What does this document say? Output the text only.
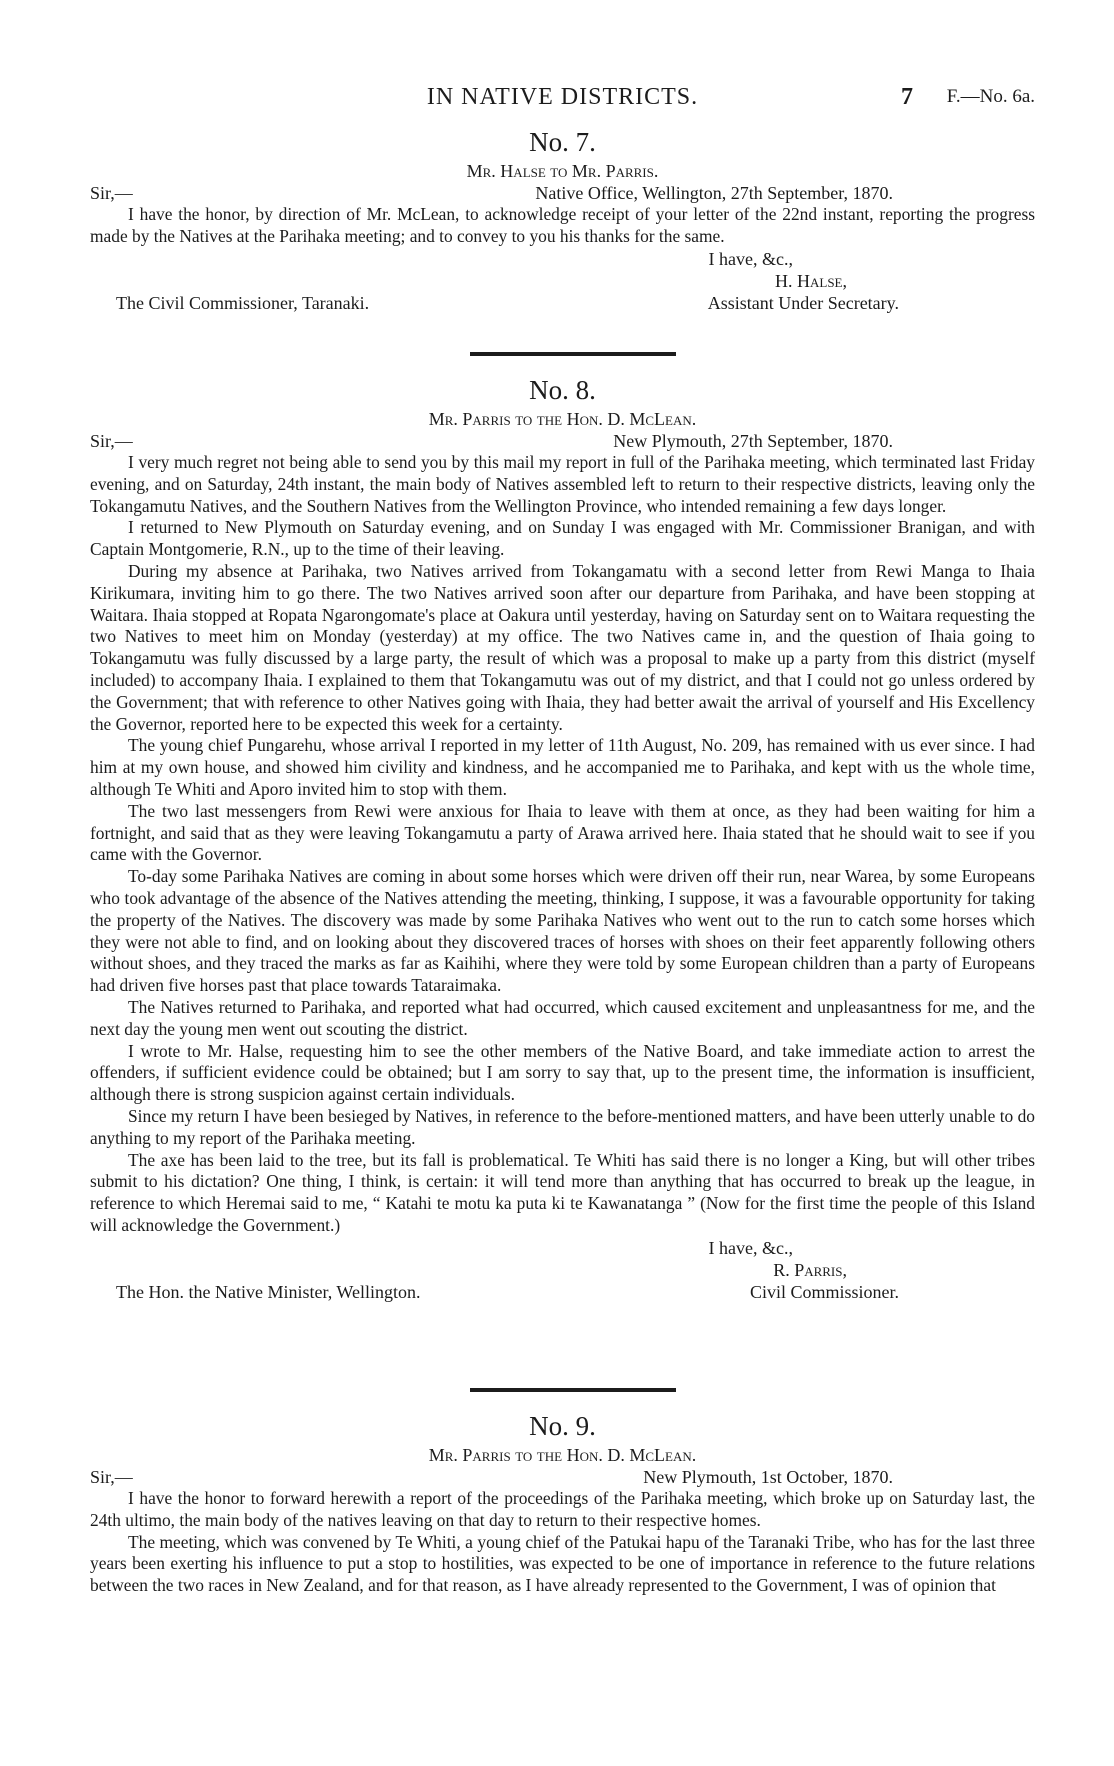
IN NATIVE DISTRICTS.	7 F.—No. 6a.
No. 7.
Mr. Halse to Mr. Parris.
Sir,—	Native Office, Wellington, 27th September, 1870.

I have the honor, by direction of Mr. McLean, to acknowledge receipt of your letter of the 22nd instant, reporting the progress made by the Natives at the Parihaka meeting; and to convey to you his thanks for the same.

I have, &c.,
H. Halse,
The Civil Commissioner, Taranaki.	Assistant Under Secretary.
No. 8.
Mr. Parris to the Hon. D. McLean.
Sir,—	New Plymouth, 27th September, 1870.

I very much regret not being able to send you by this mail my report in full of the Parihaka meeting, which terminated last Friday evening, and on Saturday, 24th instant, the main body of Natives assembled left to return to their respective districts, leaving only the Tokangamutu Natives, and the Southern Natives from the Wellington Province, who intended remaining a few days longer.

I returned to New Plymouth on Saturday evening, and on Sunday I was engaged with Mr. Commissioner Branigan, and with Captain Montgomerie, R.N., up to the time of their leaving.

During my absence at Parihaka, two Natives arrived from Tokangamatu with a second letter from Rewi Manga to Ihaia Kirikumara, inviting him to go there. The two Natives arrived soon after our departure from Parihaka, and have been stopping at Waitara. Ihaia stopped at Ropata Ngarongomate's place at Oakura until yesterday, having on Saturday sent on to Waitara requesting the two Natives to meet him on Monday (yesterday) at my office. The two Natives came in, and the question of Ihaia going to Tokangamutu was fully discussed by a large party, the result of which was a proposal to make up a party from this district (myself included) to accompany Ihaia. I explained to them that Tokangamutu was out of my district, and that I could not go unless ordered by the Government; that with reference to other Natives going with Ihaia, they had better await the arrival of yourself and His Excellency the Governor, reported here to be expected this week for a certainty.

The young chief Pungarehu, whose arrival I reported in my letter of 11th August, No. 209, has remained with us ever since. I had him at my own house, and showed him civility and kindness, and he accompanied me to Parihaka, and kept with us the whole time, although Te Whiti and Aporo invited him to stop with them.

The two last messengers from Rewi were anxious for Ihaia to leave with them at once, as they had been waiting for him a fortnight, and said that as they were leaving Tokangamutu a party of Arawa arrived here. Ihaia stated that he should wait to see if you came with the Governor.

To-day some Parihaka Natives are coming in about some horses which were driven off their run, near Warea, by some Europeans who took advantage of the absence of the Natives attending the meeting, thinking, I suppose, it was a favourable opportunity for taking the property of the Natives. The discovery was made by some Parihaka Natives who went out to the run to catch some horses which they were not able to find, and on looking about they discovered traces of horses with shoes on their feet apparently following others without shoes, and they traced the marks as far as Kaihihi, where they were told by some European children than a party of Europeans had driven five horses past that place towards Tataraimaka.

The Natives returned to Parihaka, and reported what had occurred, which caused excitement and unpleasantness for me, and the next day the young men went out scouting the district.

I wrote to Mr. Halse, requesting him to see the other members of the Native Board, and take immediate action to arrest the offenders, if sufficient evidence could be obtained; but I am sorry to say that, up to the present time, the information is insufficient, although there is strong suspicion against certain individuals.

Since my return I have been besieged by Natives, in reference to the before-mentioned matters, and have been utterly unable to do anything to my report of the Parihaka meeting.

The axe has been laid to the tree, but its fall is problematical. Te Whiti has said there is no longer a King, but will other tribes submit to his dictation? One thing, I think, is certain: it will tend more than anything that has occurred to break up the league, in reference to which Heremai said to me, “ Katahi te motu ka puta ki te Kawanatanga ” (Now for the first time the people of this Island will acknowledge the Government.)

I have, &c.,
R. Parris,
The Hon. the Native Minister, Wellington.	Civil Commissioner.
No. 9.
Mr. Parris to the Hon. D. McLean.
Sir,—	New Plymouth, 1st October, 1870.

I have the honor to forward herewith a report of the proceedings of the Parihaka meeting, which broke up on Saturday last, the 24th ultimo, the main body of the natives leaving on that day to return to their respective homes.

The meeting, which was convened by Te Whiti, a young chief of the Patukai hapu of the Taranaki Tribe, who has for the last three years been exerting his influence to put a stop to hostilities, was expected to be one of importance in reference to the future relations between the two races in New Zealand, and for that reason, as I have already represented to the Government, I was of opinion that
